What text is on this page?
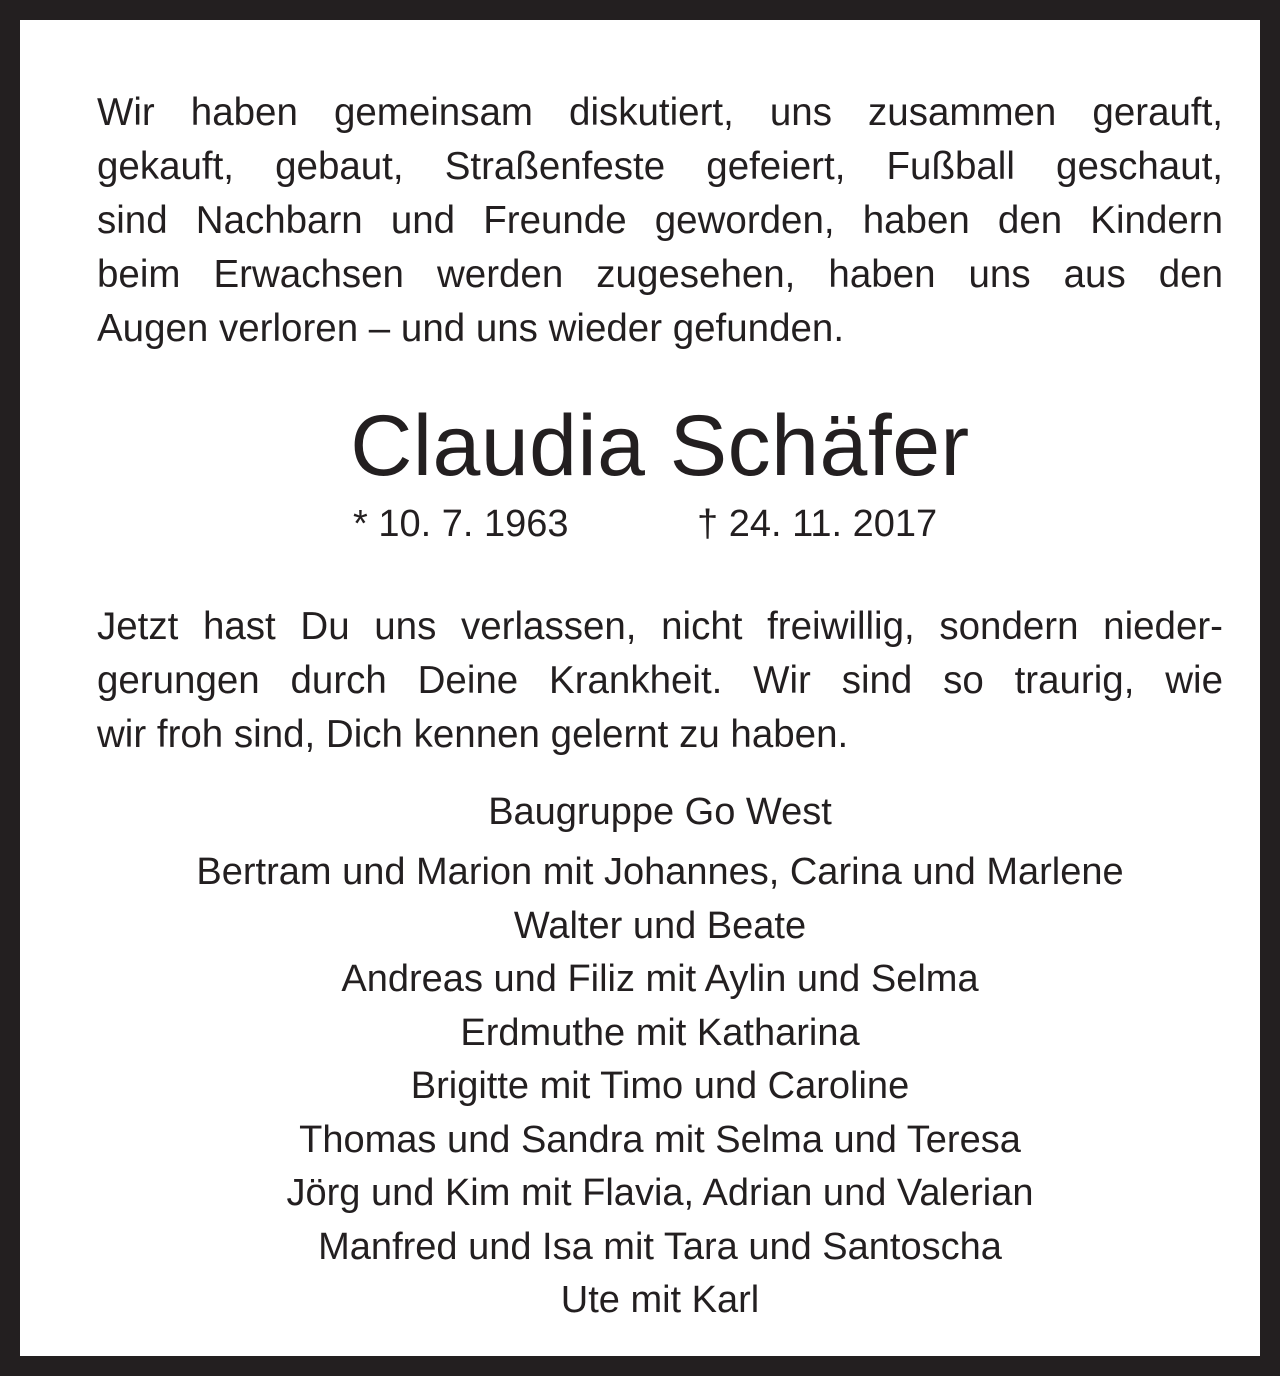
Wir haben gemeinsam diskutiert, uns zusammen gerauft,
gekauft, gebaut, Straßenfeste gefeiert, Fußball geschaut,
sind Nachbarn und Freunde geworden, haben den Kindern
beim Erwachsen werden zugesehen, haben uns aus den
Augen verloren – und uns wieder gefunden.
Claudia Schäfer
* 10. 7. 1963	† 24. 11. 2017
Jetzt hast Du uns verlassen, nicht freiwillig, sondern nieder-
gerungen durch Deine Krankheit. Wir sind so traurig, wie
wir froh sind, Dich kennen gelernt zu haben.
Baugruppe Go West
Bertram und Marion mit Johannes, Carina und Marlene
Walter und Beate
Andreas und Filiz mit Aylin und Selma
Erdmuthe mit Katharina
Brigitte mit Timo und Caroline
Thomas und Sandra mit Selma und Teresa
Jörg und Kim mit Flavia, Adrian und Valerian
Manfred und Isa mit Tara und Santoscha
Ute mit Karl
